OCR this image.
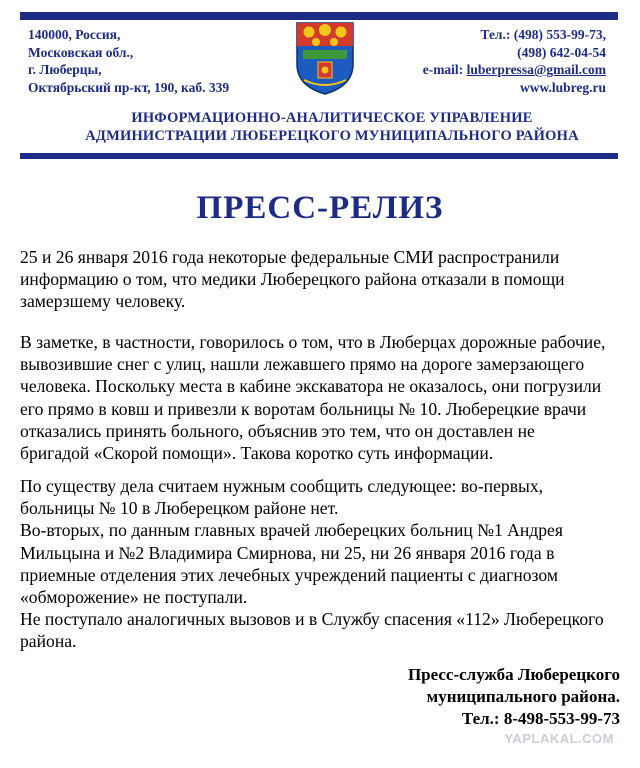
140000, Россия,
Московская обл.,
г. Люберцы,
Октябрьский пр-кт, 190, каб. 339
Тел.: (498) 553-99-73,
(498) 642-04-54
e-mail: luberpressa@gmail.com
www.lubreg.ru
ИНФОРМАЦИОННО-АНАЛИТИЧЕСКОЕ УПРАВЛЕНИЕ
АДМИНИСТРАЦИИ ЛЮБЕРЕЦКОГО МУНИЦИПАЛЬНОГО РАЙОНА
ПРЕСС-РЕЛИЗ
25 и 26 января 2016 года некоторые федеральные СМИ распространили
информацию о том, что медики Люберецкого района отказали в помощи
замерзшему человеку.
В заметке, в частности, говорилось о том, что в Люберцах дорожные рабочие,
вывозившие снег с улиц, нашли лежавшего прямо на дороге замерзающего
человека. Поскольку места в кабине экскаватора не оказалось, они погрузили
его прямо в ковш и привезли к воротам больницы № 10. Люберецкие врачи
отказались принять больного, объяснив это тем, что он доставлен не
бригадой «Скорой помощи». Такова коротко суть информации.
По существу дела считаем нужным сообщить следующее: во-первых,
больницы № 10 в Люберецком районе нет.
Во-вторых, по данным главных врачей люберецких больниц №1 Андрея
Мильцына и №2 Владимира Смирнова, ни 25, ни 26 января 2016 года в
приемные отделения этих лечебных учреждений пациенты с диагнозом
«обморожение» не поступали.
Не поступало аналогичных вызовов и в Службу спасения «112» Люберецкого
района.
Пресс-служба Люберецкого
муниципального района.
Тел.: 8-498-553-99-73
YAPLAKAL.COM
